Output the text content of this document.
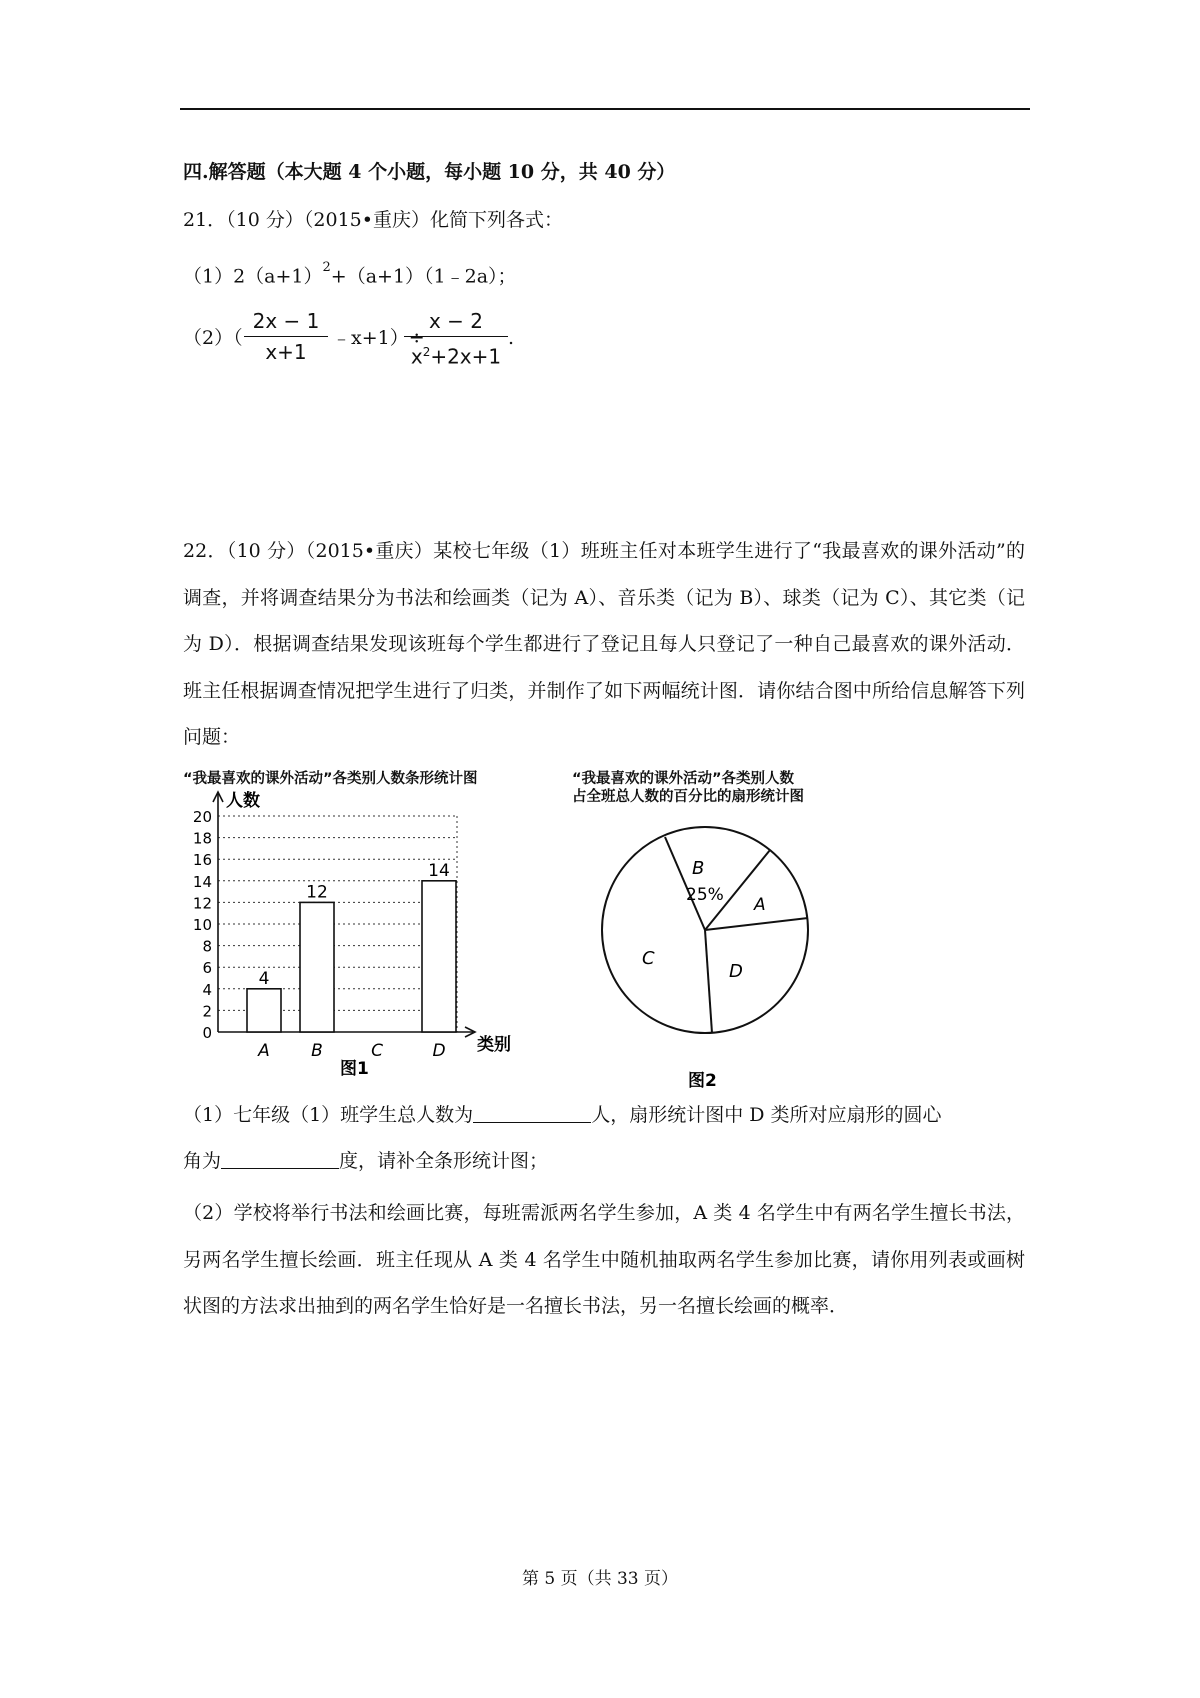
四.解答题（本大题 4 个小题，每小题 10 分，共 40 分）
21．（10 分）（2015•重庆）化简下列各式：
$(1)2(a+1)^2+(a+1)(1﹣2a)$；
（2）（
2x − 1
x+1
﹣x+1）÷
x − 2
$x^2+2x+1$
.
22．（10 分）（2015•重庆）某校七年级（1）班班主任对本班学生进行了“我最喜欢的课外活动”的调查，并将调查结果分为书法和绘画类（记为 A）、音乐类（记为 B）、球类（记为 C）、其它类（记为 D）．根据调查结果发现该班每个学生都进行了登记且每人只登记了一种自己最喜欢的课外活动．班主任根据调查情况把学生进行了归类，并制作了如下两幅统计图．请你结合图中所给信息解答下列问题：
“我最喜欢的课外活动”各类别人数条形统计图	“我最喜欢的课外活动”各类别人数
占全班总人数的百分比的扇形统计图
0
2
4
6
8
10
12
14
16
18
20
4
12
14
A B	C	D
人数
类别
图1
B
25% A
D
C
图2
（1）七年级（1）班学生总人数为	人，扇形统计图中 D 类所对应扇形的圆心
角为	度，请补全条形统计图；
（2）学校将举行书法和绘画比赛，每班需派两名学生参加，A 类 4 名学生中有两名学生擅长书法，另两名学生擅长绘画．班主任现从 A 类 4 名学生中随机抽取两名学生参加比赛，请你用列表或画树状图的方法求出抽到的两名学生恰好是一名擅长书法，另一名擅长绘画的概率．
第 5 页（共 33 页）
